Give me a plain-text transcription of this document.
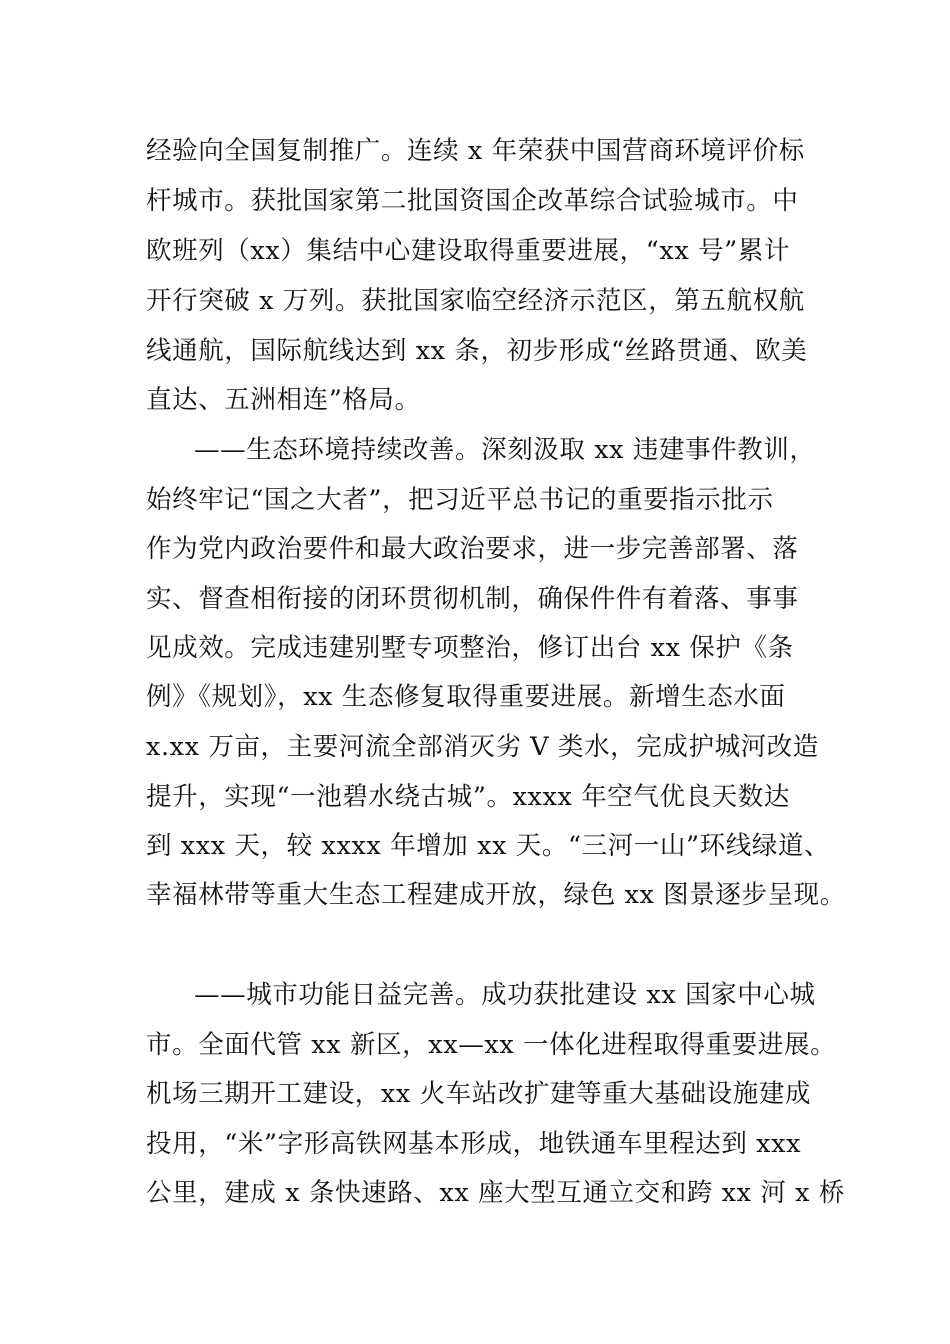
经验向全国复制推广。连续 x 年荣获中国营商环境评价标
杆城市。获批国家第二批国资国企改革综合试验城市。中
欧班列（xx）集结中心建设取得重要进展，“xx 号”累计
开行突破 x 万列。获批国家临空经济示范区，第五航权航
线通航，国际航线达到 xx 条，初步形成“丝路贯通、欧美
直达、五洲相连”格局。
——生态环境持续改善。深刻汲取 xx 违建事件教训，
始终牢记“国之大者”，把习近平总书记的重要指示批示
作为党内政治要件和最大政治要求，进一步完善部署、落
实、督查相衔接的闭环贯彻机制，确保件件有着落、事事
见成效。完成违建别墅专项整治，修订出台 xx 保护《条
例》《规划》，xx 生态修复取得重要进展。新增生态水面
x.xx 万亩，主要河流全部消灭劣 V 类水，完成护城河改造
提升，实现“一池碧水绕古城”。xxxx 年空气优良天数达
到 xxx 天，较 xxxx 年增加 xx 天。“三河一山”环线绿道、
幸福林带等重大生态工程建成开放，绿色 xx 图景逐步呈现。
——城市功能日益完善。成功获批建设 xx 国家中心城
市。全面代管 xx 新区，xx—xx 一体化进程取得重要进展。
机场三期开工建设，xx 火车站改扩建等重大基础设施建成
投用，“米”字形高铁网基本形成，地铁通车里程达到 xxx
公里，建成 x 条快速路、xx 座大型互通立交和跨 xx 河 x 桥
